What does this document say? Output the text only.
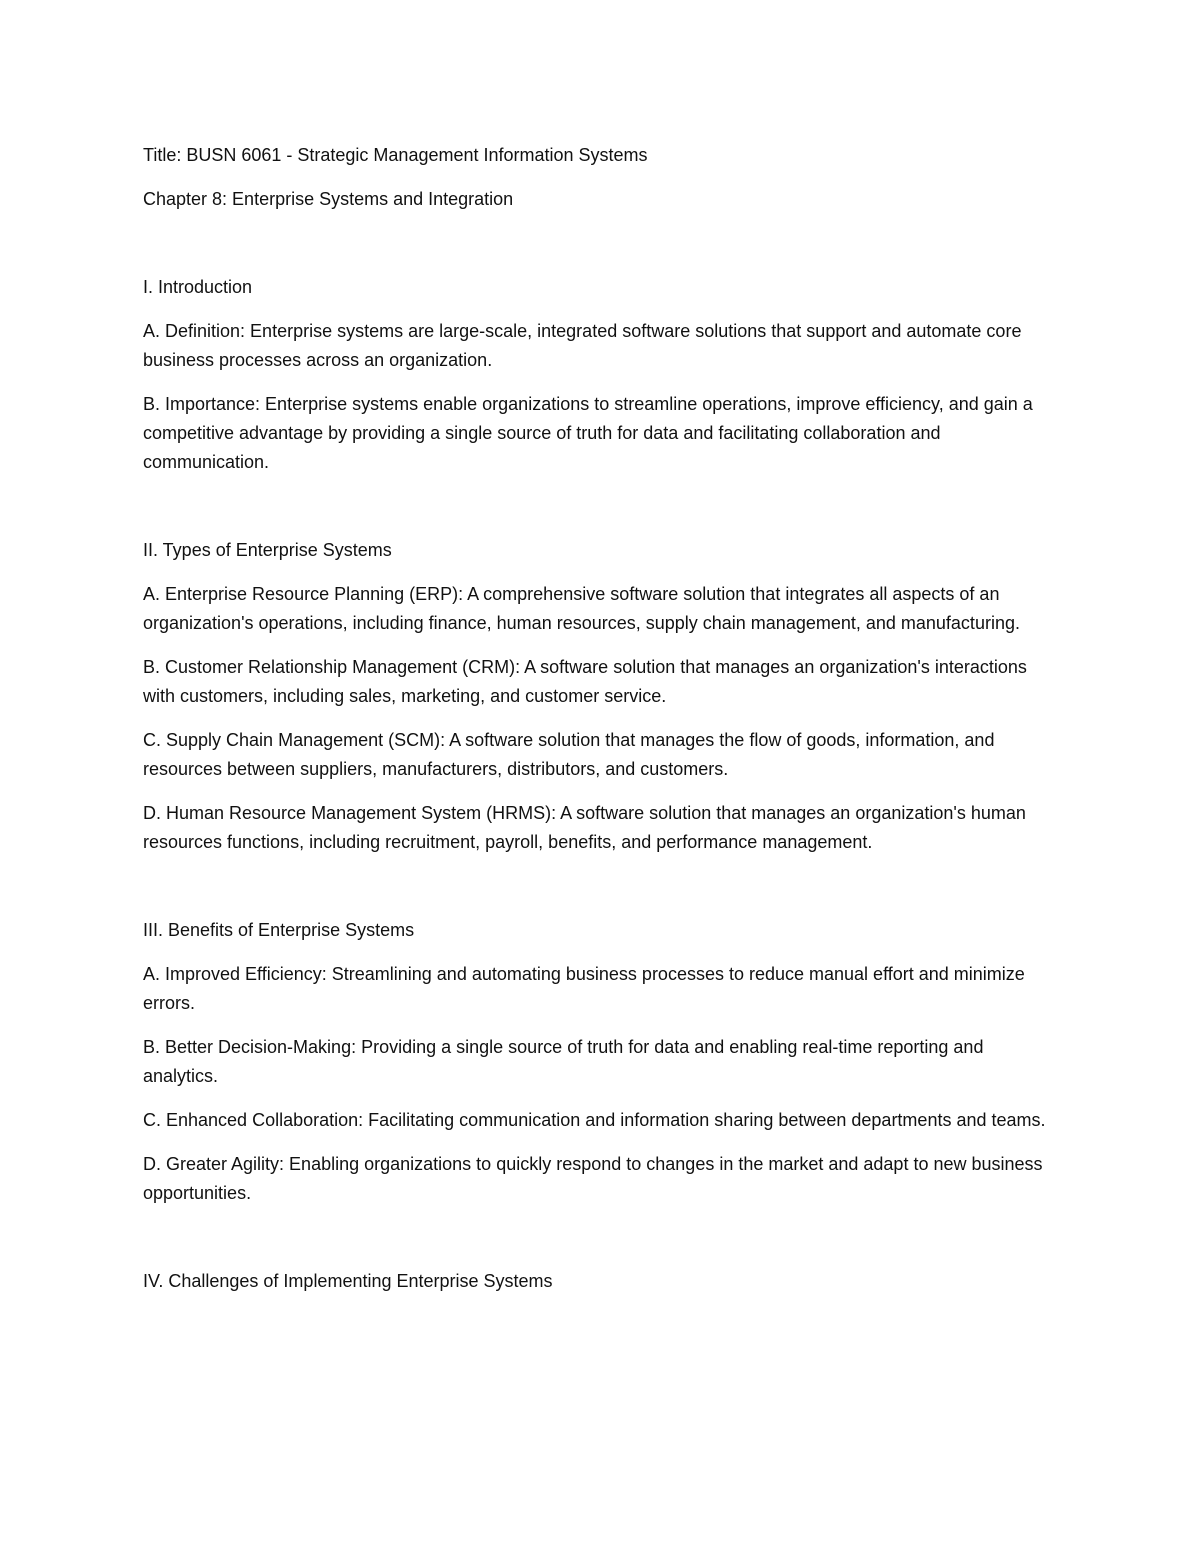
Title: BUSN 6061 - Strategic Management Information Systems

Chapter 8: Enterprise Systems and Integration

I. Introduction

A. Definition: Enterprise systems are large-scale, integrated software solutions that support and automate core business processes across an organization.

B. Importance: Enterprise systems enable organizations to streamline operations, improve efficiency, and gain a competitive advantage by providing a single source of truth for data and facilitating collaboration and communication.

II. Types of Enterprise Systems

A. Enterprise Resource Planning (ERP): A comprehensive software solution that integrates all aspects of an organization's operations, including finance, human resources, supply chain management, and manufacturing.

B. Customer Relationship Management (CRM): A software solution that manages an organization's interactions with customers, including sales, marketing, and customer service.

C. Supply Chain Management (SCM): A software solution that manages the flow of goods, information, and resources between suppliers, manufacturers, distributors, and customers.

D. Human Resource Management System (HRMS): A software solution that manages an organization's human resources functions, including recruitment, payroll, benefits, and performance management.

III. Benefits of Enterprise Systems

A. Improved Efficiency: Streamlining and automating business processes to reduce manual effort and minimize errors.

B. Better Decision-Making: Providing a single source of truth for data and enabling real-time reporting and analytics.

C. Enhanced Collaboration: Facilitating communication and information sharing between departments and teams.

D. Greater Agility: Enabling organizations to quickly respond to changes in the market and adapt to new business opportunities.

IV. Challenges of Implementing Enterprise Systems
